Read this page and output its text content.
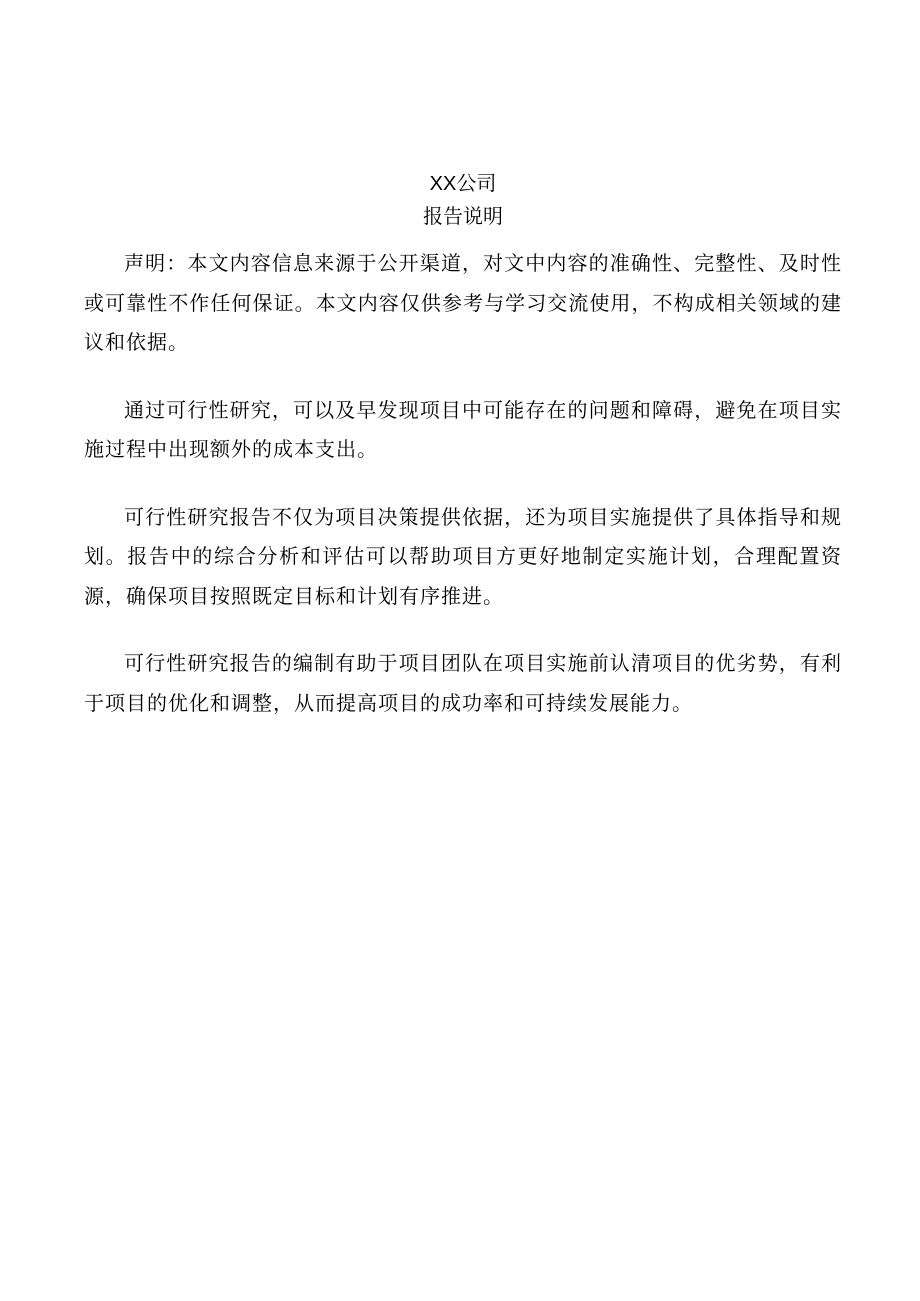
XX公司
报告说明

声明：本文内容信息来源于公开渠道，对文中内容的准确性、完整性、及时性或可靠性不作任何保证。本文内容仅供参考与学习交流使用，不构成相关领域的建议和依据。

通过可行性研究，可以及早发现项目中可能存在的问题和障碍，避免在项目实施过程中出现额外的成本支出。

可行性研究报告不仅为项目决策提供依据，还为项目实施提供了具体指导和规划。报告中的综合分析和评估可以帮助项目方更好地制定实施计划，合理配置资源，确保项目按照既定目标和计划有序推进。

可行性研究报告的编制有助于项目团队在项目实施前认清项目的优劣势，有利于项目的优化和调整，从而提高项目的成功率和可持续发展能力。
